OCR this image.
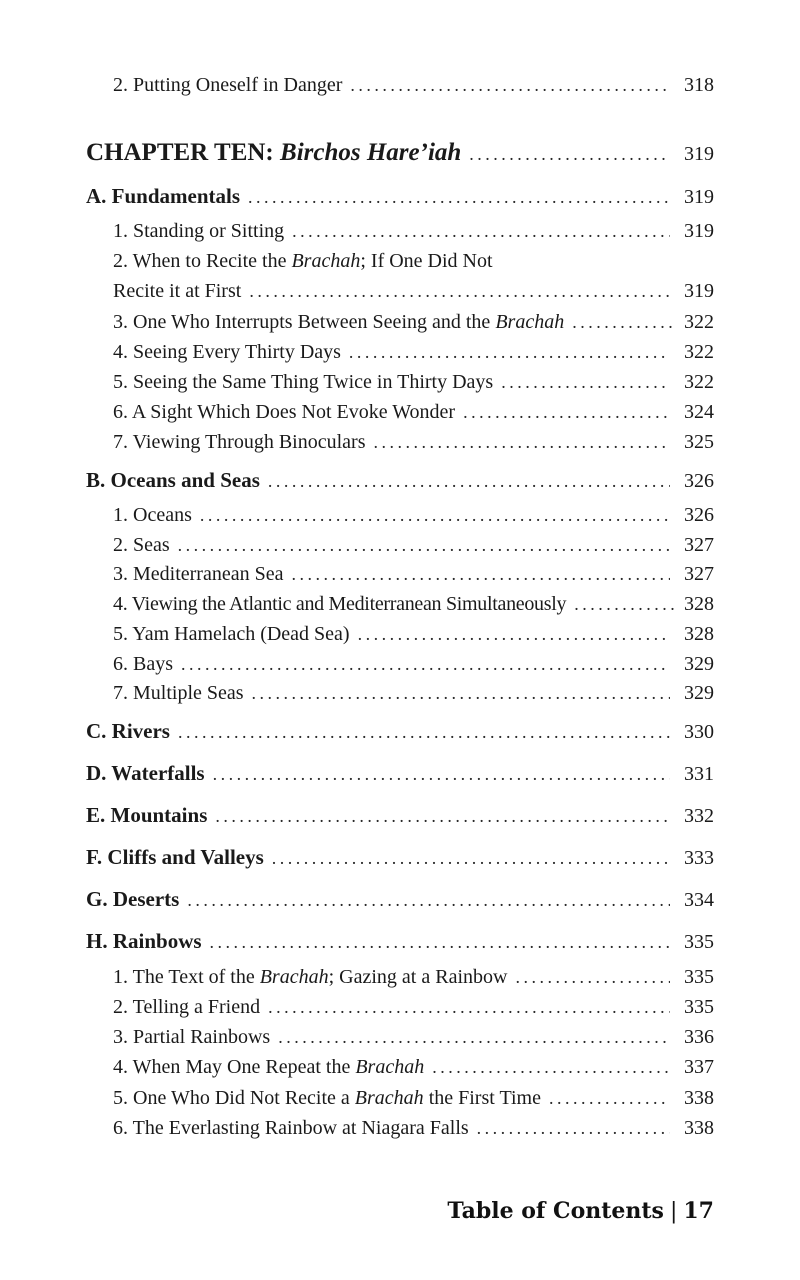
2. Putting Oneself in Danger . . .	318
CHAPTER TEN: Birchos Hare’iah . . .	319
A. Fundamentals . . .	319
1. Standing or Sitting . . .	319
2. When to Recite the Brachah; If One Did Not
Recite it at First . . .	319
3. One Who Interrupts Between Seeing and the Brachah . . .	322
4. Seeing Every Thirty Days . . .	322
5. Seeing the Same Thing Twice in Thirty Days . . .	322
6. A Sight Which Does Not Evoke Wonder . . .	324
7. Viewing Through Binoculars . . .	325
B. Oceans and Seas . . .	326
1. Oceans . . .	326
2. Seas . . .	327
3. Mediterranean Sea . . .	327
4. Viewing the Atlantic and Mediterranean Simultaneously . . .	328
5. Yam Hamelach (Dead Sea) . . .	328
6. Bays . . .	329
7. Multiple Seas . . .	329
C. Rivers . . .	330
D. Waterfalls . . .	331
E. Mountains . . .	332
F. Cliffs and Valleys . . .	333
G. Deserts . . .	334
H. Rainbows . . .	335
1. The Text of the Brachah; Gazing at a Rainbow . . .	335
2. Telling a Friend . . .	335
3. Partial Rainbows . . .	336
4. When May One Repeat the Brachah . . .	337
5. One Who Did Not Recite a Brachah the First Time . . .	338
6. The Everlasting Rainbow at Niagara Falls . . .	338
Table of Contents | 17
